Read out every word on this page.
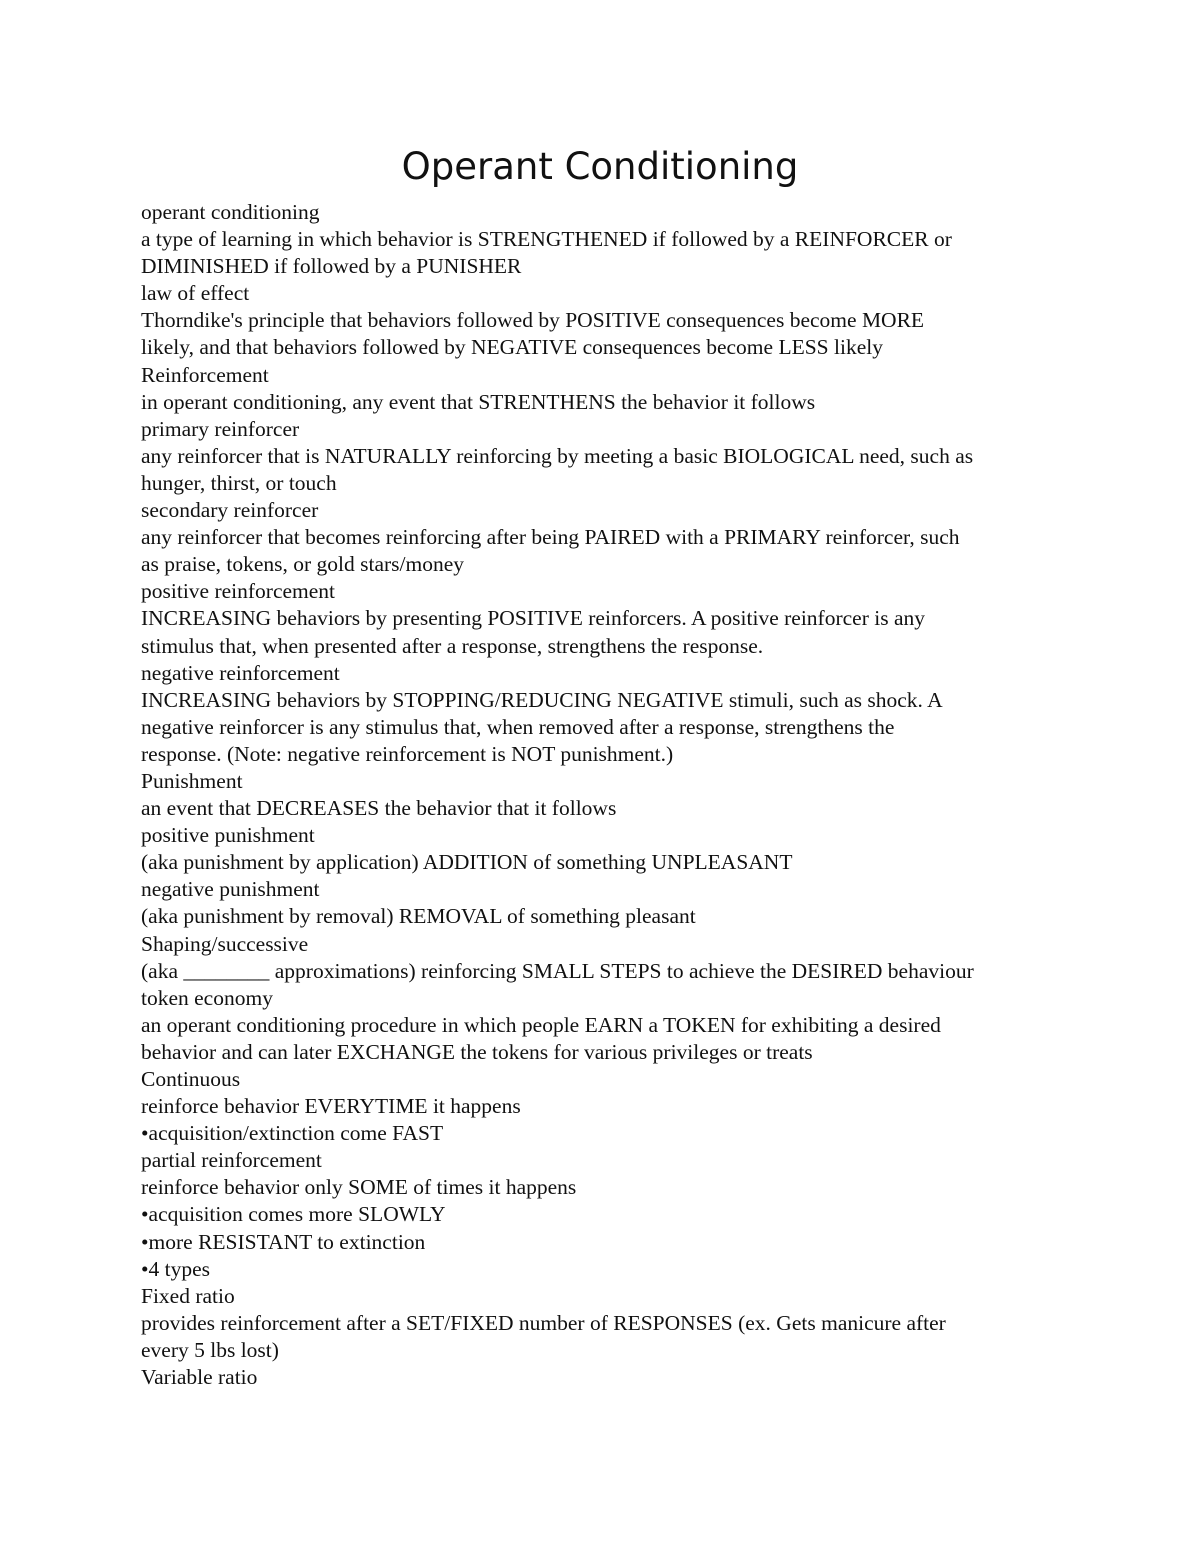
Operant Conditioning

operant conditioning

a type of learning in which behavior is STRENGTHENED if followed by a REINFORCER or

DIMINISHED if followed by a PUNISHER

law of effect

Thorndike's principle that behaviors followed by POSITIVE consequences become MORE

likely, and that behaviors followed by NEGATIVE consequences become LESS likely

Reinforcement

in operant conditioning, any event that STRENTHENS the behavior it follows

primary reinforcer

any reinforcer that is NATURALLY reinforcing by meeting a basic BIOLOGICAL need, such as

hunger, thirst, or touch

secondary reinforcer

any reinforcer that becomes reinforcing after being PAIRED with a PRIMARY reinforcer, such

as praise, tokens, or gold stars/money

positive reinforcement

INCREASING behaviors by presenting POSITIVE reinforcers. A positive reinforcer is any

stimulus that, when presented after a response, strengthens the response.

negative reinforcement

INCREASING behaviors by STOPPING/REDUCING NEGATIVE stimuli, such as shock. A

negative reinforcer is any stimulus that, when removed after a response, strengthens the

response. (Note: negative reinforcement is NOT punishment.)

Punishment

an event that DECREASES the behavior that it follows

positive punishment

(aka punishment by application) ADDITION of something UNPLEASANT

negative punishment

(aka punishment by removal) REMOVAL of something pleasant

Shaping/successive

(aka ________ approximations) reinforcing SMALL STEPS to achieve the DESIRED behaviour

token economy

an operant conditioning procedure in which people EARN a TOKEN for exhibiting a desired

behavior and can later EXCHANGE the tokens for various privileges or treats

Continuous

reinforce behavior EVERYTIME it happens

•acquisition/extinction come FAST

partial reinforcement

reinforce behavior only SOME of times it happens

•acquisition comes more SLOWLY

•more RESISTANT to extinction

•4 types

Fixed ratio

provides reinforcement after a SET/FIXED number of RESPONSES (ex. Gets manicure after

every 5 lbs lost)

Variable ratio
